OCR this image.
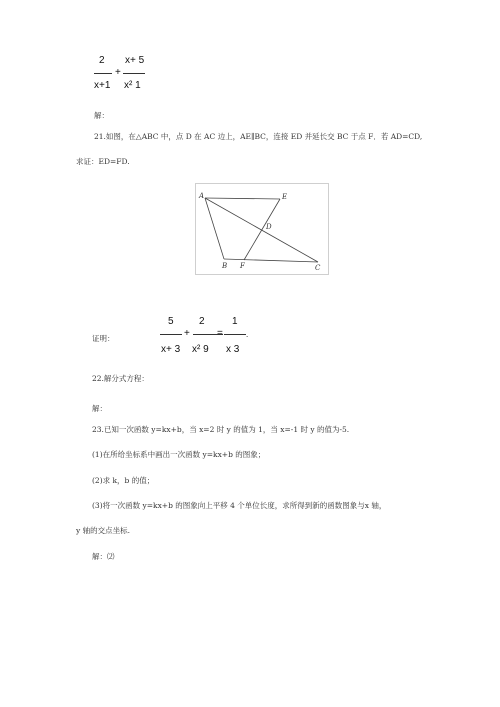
2
x+1
+
x+ 5
x² 1
解：
21.如图，在△ABC 中，点 D 在 AC 边上，AE∥BC，连接 ED 并延长交 BC 于点 F．若 AD=CD,
求证：ED=FD.
A	E
D
B F	C
证明：
5
x+ 3
+
2
x² 9
=
1
x 3
.
22.解分式方程：
解：
23.已知一次函数 y=kx+b，当 x=2 时 y 的值为 1，当 x=-1 时 y 的值为-5.
(1)在所给坐标系中画出一次函数 y=kx+b 的图象；
(2)求 k，b 的值；
(3)将一次函数 y=kx+b 的图象向上平移 4 个单位长度，求所得到新的函数图象与x 轴，
y 轴的交点坐标.
解：⑵
